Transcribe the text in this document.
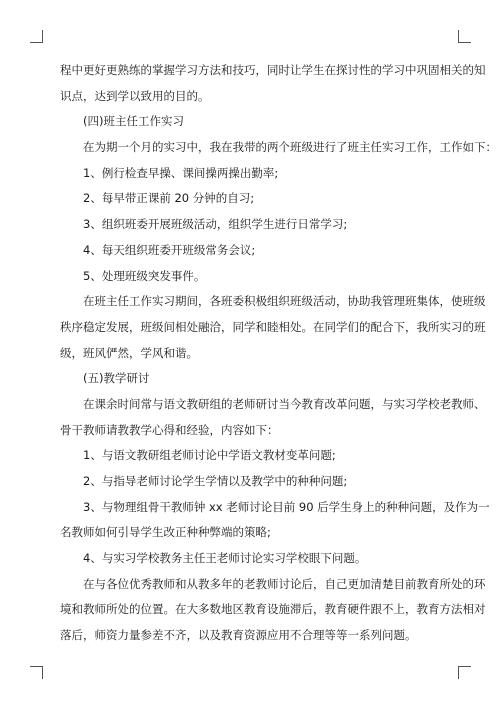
程中更好更熟练的掌握学习方法和技巧，同时让学生在探讨性的学习中巩固相关的知
识点，达到学以致用的目的。
(四)班主任工作实习
在为期一个月的实习中，我在我带的两个班级进行了班主任实习工作，工作如下：
1、例行检查早操、课间操两操出勤率;
2、每早带正课前 20 分钟的自习;
3、组织班委开展班级活动，组织学生进行日常学习;
4、每天组织班委开班级常务会议;
5、处理班级突发事件。
在班主任工作实习期间，各班委积极组织班级活动，协助我管理班集体，使班级
秩序稳定发展，班级间相处融洽，同学和睦相处。在同学们的配合下，我所实习的班
级，班风俨然，学风和谐。
(五)教学研讨
在课余时间常与语文教研组的老师研讨当今教育改革问题，与实习学校老教师、
骨干教师请教教学心得和经验，内容如下：
1、与语文教研组老师讨论中学语文教材变革问题;
2、与指导老师讨论学生学情以及教学中的种种问题;
3、与物理组骨干教师钟 xx 老师讨论目前 90 后学生身上的种种问题，及作为一
名教师如何引导学生改正种种弊端的策略;
4、与实习学校教务主任王老师讨论实习学校眼下问题。
在与各位优秀教师和从教多年的老教师讨论后，自己更加清楚目前教育所处的环
境和教师所处的位置。在大多数地区教育设施滞后，教育硬件跟不上，教育方法相对
落后，师资力量参差不齐，以及教育资源应用不合理等等一系列问题。
